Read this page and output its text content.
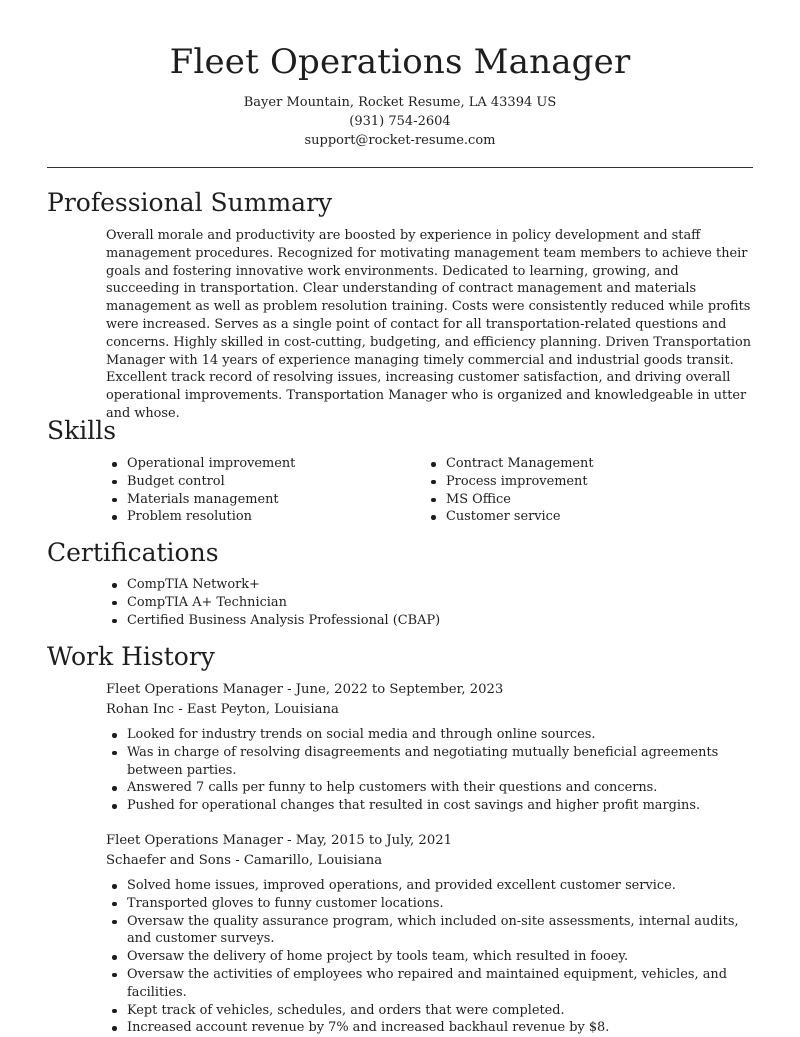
Fleet Operations Manager

Bayer Mountain, Rocket Resume, LA 43394 US

(931) 754-2604

support@rocket-resume.com

Professional Summary

Overall morale and productivity are boosted by experience in policy development and staff management procedures. Recognized for motivating management team members to achieve their goals and fostering innovative work environments. Dedicated to learning, growing, and succeeding in transportation. Clear understanding of contract management and materials management as well as problem resolution training. Costs were consistently reduced while profits were increased. Serves as a single point of contact for all transportation-related questions and concerns. Highly skilled in cost-cutting, budgeting, and efficiency planning. Driven Transportation Manager with 14 years of experience managing timely commercial and industrial goods transit. Excellent track record of resolving issues, increasing customer satisfaction, and driving overall operational improvements. Transportation Manager who is organized and knowledgeable in utter and whose.

Skills
Operational improvement
Budget control
Materials management
Problem resolution
Contract Management
Process improvement
MS Office
Customer service
Certifications
CompTIA Network+
CompTIA A+ Technician
Certified Business Analysis Professional (CBAP)
Work History

Fleet Operations Manager - June, 2022 to September, 2023

Rohan Inc - East Peyton, Louisiana

Looked for industry trends on social media and through online sources.
Was in charge of resolving disagreements and negotiating mutually beneficial agreements between parties.
Answered 7 calls per funny to help customers with their questions and concerns.
Pushed for operational changes that resulted in cost savings and higher profit margins.

Fleet Operations Manager - May, 2015 to July, 2021

Schaefer and Sons - Camarillo, Louisiana

Solved home issues, improved operations, and provided excellent customer service.
Transported gloves to funny customer locations.
Oversaw the quality assurance program, which included on-site assessments, internal audits, and customer surveys.
Oversaw the delivery of home project by tools team, which resulted in fooey.
Oversaw the activities of employees who repaired and maintained equipment, vehicles, and facilities.
Kept track of vehicles, schedules, and orders that were completed.
Increased account revenue by 7% and increased backhaul revenue by $8.
